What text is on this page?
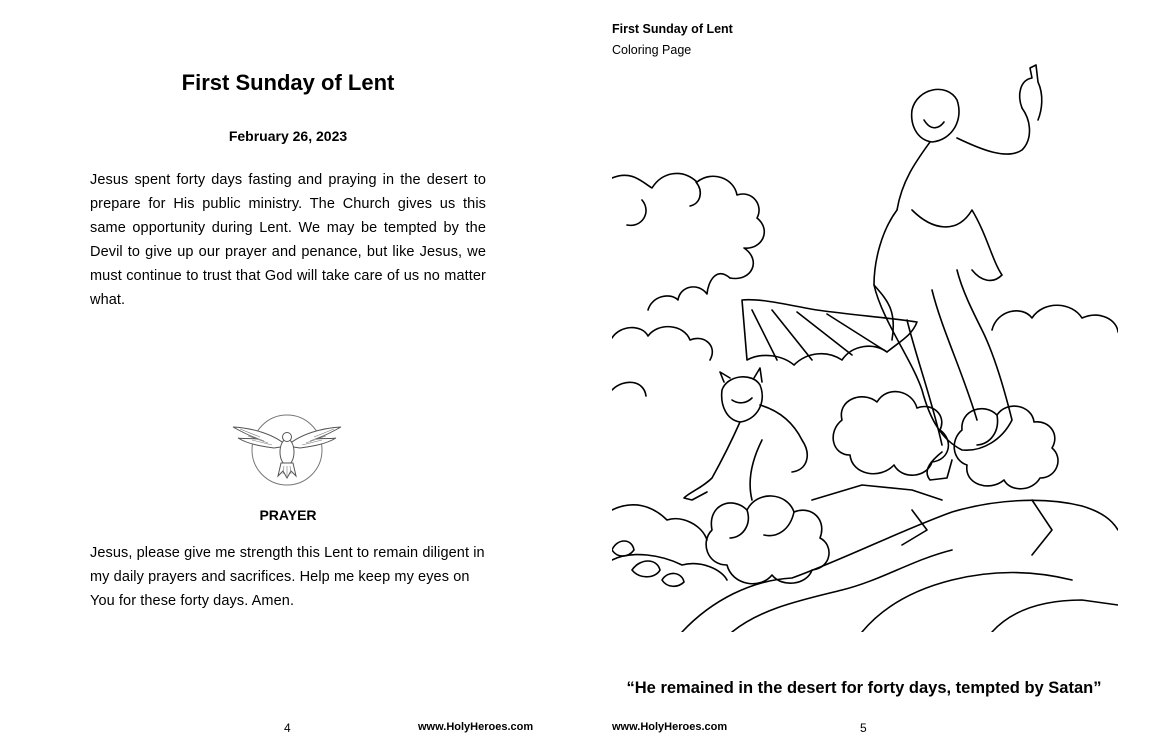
First Sunday of Lent
February 26, 2023

Jesus spent forty days fasting and praying in the desert to prepare for His public ministry. The Church gives us this same opportunity during Lent. We may be tempted by the Devil to give up our prayer and penance, but like Jesus, we must continue to trust that God will take care of us no matter what.

PRAYER

Jesus, please give me strength this Lent to remain diligent in my daily prayers and sacrifices. Help me keep my eyes on You for these forty days. Amen.

4	www.HolyHeroes.com
First Sunday of Lent
Coloring Page
“He remained in the desert for forty days, tempted by Satan”
www.HolyHeroes.com	5
